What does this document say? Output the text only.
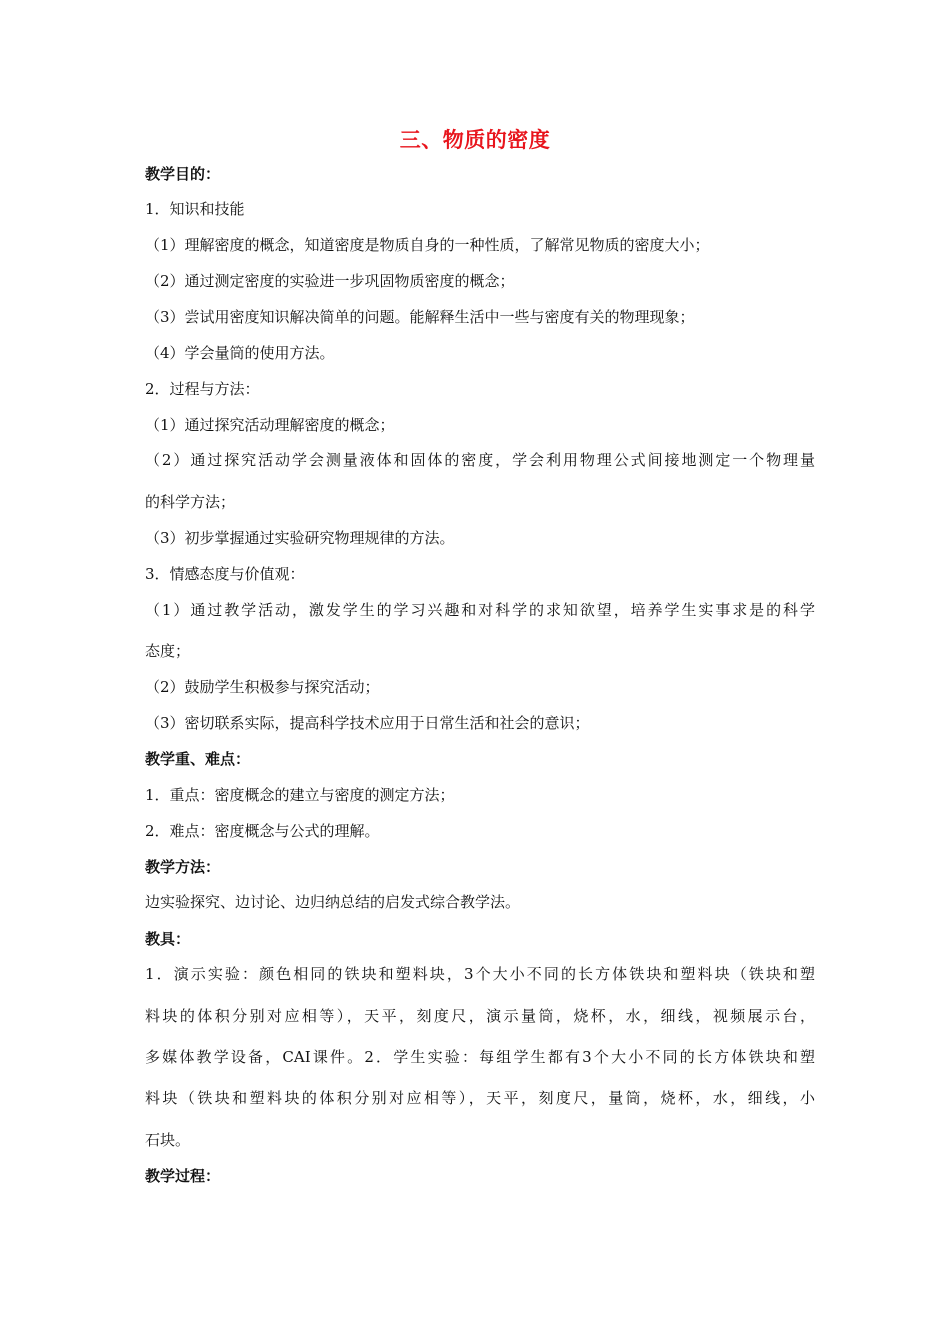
三、物质的密度
教学目的：
1．知识和技能
（1）理解密度的概念，知道密度是物质自身的一种性质，了解常见物质的密度大小；
（2）通过测定密度的实验进一步巩固物质密度的概念；
（3）尝试用密度知识解决简单的问题。能解释生活中一些与密度有关的物理现象；
（4）学会量筒的使用方法。
2．过程与方法：
（1）通过探究活动理解密度的概念；
（2）通过探究活动学会测量液体和固体的密度，学会利用物理公式间接地测定一个物理量
的科学方法；
（3）初步掌握通过实验研究物理规律的方法。
3．情感态度与价值观：
（1）通过教学活动，激发学生的学习兴趣和对科学的求知欲望，培养学生实事求是的科学
态度；
（2）鼓励学生积极参与探究活动；
（3）密切联系实际，提高科学技术应用于日常生活和社会的意识；
教学重、难点：
1．重点：密度概念的建立与密度的测定方法；
2．难点：密度概念与公式的理解。
教学方法：
边实验探究、边讨论、边归纳总结的启发式综合教学法。
教具：
1．演示实验：颜色相同的铁块和塑料块，3个大小不同的长方体铁块和塑料块（铁块和塑
料块的体积分别对应相等），天平，刻度尺，演示量筒，烧杯，水，细线，视频展示台，
多媒体教学设备，CAI课件。2．学生实验：每组学生都有3个大小不同的长方体铁块和塑
料块（铁块和塑料块的体积分别对应相等），天平，刻度尺，量筒，烧杯，水，细线，小
石块。
教学过程：
